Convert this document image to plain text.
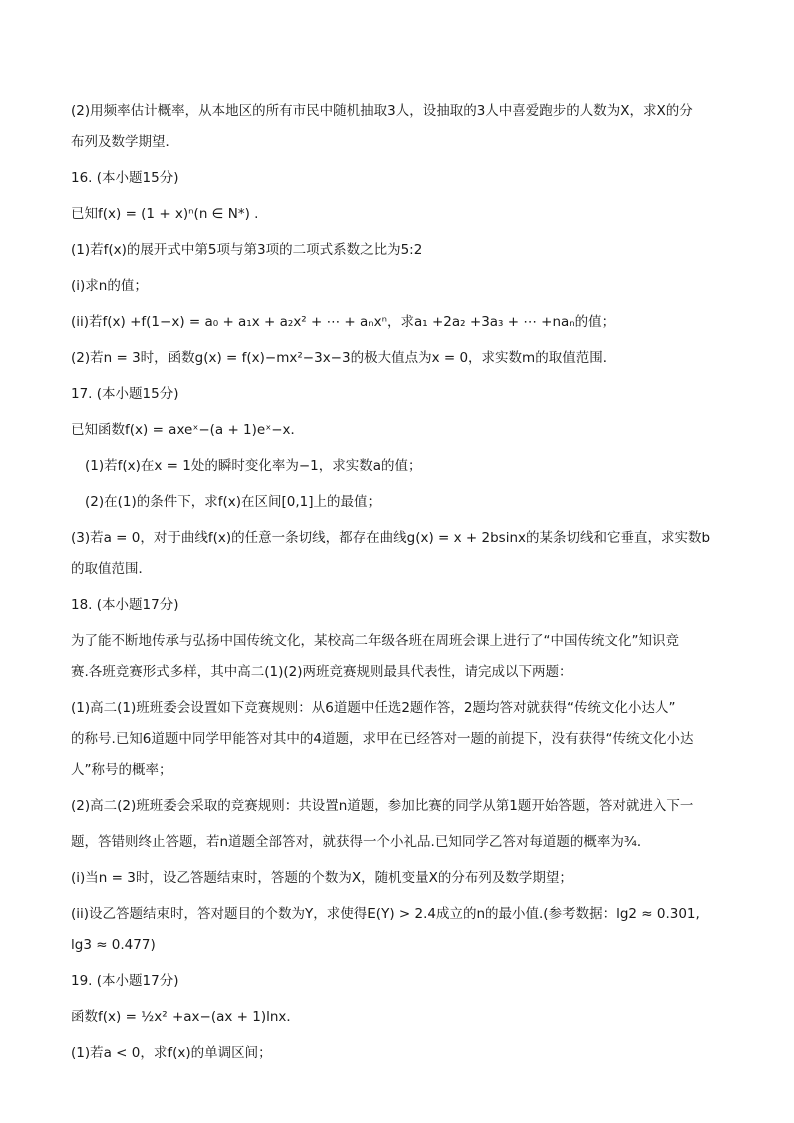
(2)用频率估计概率，从本地区的所有市民中随机抽取3人，设抽取的3人中喜爱跑步的人数为X，求X的分
布列及数学期望．
16. (本小题15分)
已知f(x) = (1 + x)ⁿ(n ∈ N*) .
(1)若f(x)的展开式中第5项与第3项的二项式系数之比为5:2
(i)求n的值；
(ii)若f(x) +f(1−x) = a₀ + a₁x + a₂x² + ⋯ + aₙxⁿ，求a₁ +2a₂ +3a₃ + ⋯ +naₙ的值；
(2)若n = 3时，函数g(x) = f(x)−mx²−3x−3的极大值点为x = 0，求实数m的取值范围．
17. (本小题15分)
已知函数f(x) = axeˣ−(a + 1)eˣ−x．
(1)若f(x)在x = 1处的瞬时变化率为−1，求实数a的值；
(2)在(1)的条件下，求f(x)在区间[0,1]上的最值；
(3)若a = 0，对于曲线f(x)的任意一条切线，都存在曲线g(x) = x + 2bsinx的某条切线和它垂直，求实数b
的取值范围．
18. (本小题17分)
为了能不断地传承与弘扬中国传统文化，某校高二年级各班在周班会课上进行了“中国传统文化”知识竞
赛.各班竞赛形式多样，其中高二(1)(2)两班竞赛规则最具代表性，请完成以下两题：
(1)高二(1)班班委会设置如下竞赛规则：从6道题中任选2题作答，2题均答对就获得“传统文化小达人”
的称号.已知6道题中同学甲能答对其中的4道题，求甲在已经答对一题的前提下，没有获得“传统文化小达
人”称号的概率；
(2)高二(2)班班委会采取的竞赛规则：共设置n道题，参加比赛的同学从第1题开始答题，答对就进入下一
题，答错则终止答题，若n道题全部答对，就获得一个小礼品.已知同学乙答对每道题的概率为¾．
(i)当n = 3时，设乙答题结束时，答题的个数为X，随机变量X的分布列及数学期望；
(ii)设乙答题结束时，答对题目的个数为Y，求使得E(Y) > 2.4成立的n的最小值.(参考数据：lg2 ≈ 0.301,
lg3 ≈ 0.477)
19. (本小题17分)
函数f(x) = ½x² +ax−(ax + 1)lnx．
(1)若a < 0，求f(x)的单调区间；
